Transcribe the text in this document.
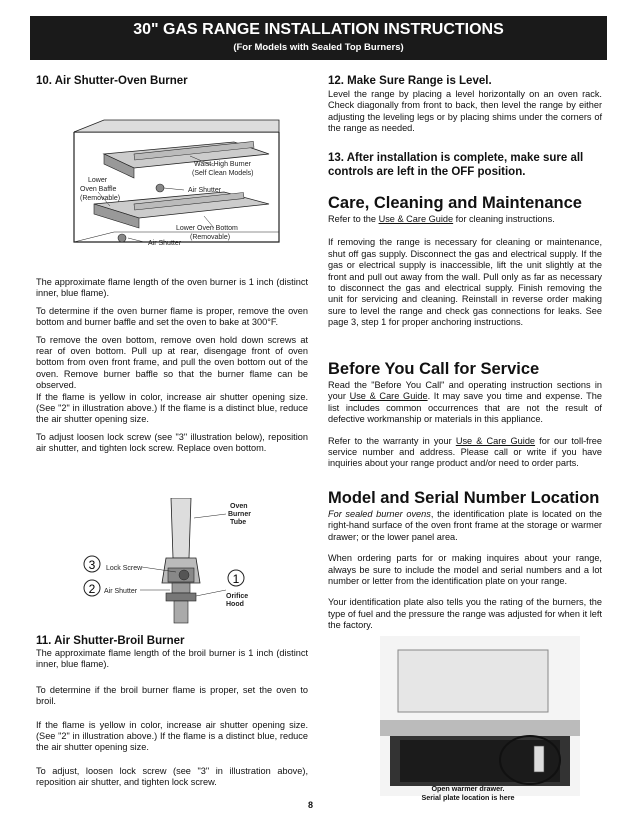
30" GAS RANGE INSTALLATION INSTRUCTIONS
(For Models with Sealed Top Burners)
10. Air Shutter-Oven Burner
Waist-High Burner (Self Clean Models)
Lower Oven Baffle (Removable)
Air Shutter
Lower Oven Bottom (Removable)
Air Shutter

The approximate flame length of the oven burner is 1 inch (distinct inner, blue flame).

To determine if the oven burner flame is proper, remove the oven bottom and burner baffle and set the oven to bake at 300°F.

To remove the oven bottom, remove oven hold down screws at rear of oven bottom. Pull up at rear, disengage front of oven bottom from oven front frame, and pull the oven bottom out of the oven. Remove burner baffle so that the burner flame can be observed.

If the flame is yellow in color, increase air shutter opening size. (See "2" in illustration above.) If the flame is a distinct blue, reduce the air shutter opening size.

To adjust loosen lock screw (see "3" illustration below), reposition air shutter, and tighten lock screw. Replace oven bottom.

3
2
1
Oven Burner Tube
Lock Screw
Air Shutter
Orifice Hood
11. Air Shutter-Broil Burner

The approximate flame length of the broil burner is 1 inch (distinct inner, blue flame).

To determine if the broil burner flame is proper, set the oven to broil.

If the flame is yellow in color, increase air shutter opening size. (See "2" in illustration above.) If the flame is a distinct blue, reduce the air shutter opening size.

To adjust, loosen lock screw (see "3" in illustration above), reposition air shutter, and tighten lock screw.

12. Make Sure Range is Level.

Level the range by placing a level horizontally on an oven rack. Check diagonally from front to back, then level the range by either adjusting the leveling legs or by placing shims under the corners of the range as needed.

13. After installation is complete, make sure all controls are left in the OFF position.
Care, Cleaning and Maintenance

Refer to the Use & Care Guide for cleaning instructions.

If removing the range is necessary for cleaning or maintenance, shut off gas supply. Disconnect the gas and electrical supply. If the gas or electrical supply is inaccessible, lift the unit slightly at the front and pull out away from the wall. Pull only as far as necessary to disconnect the gas and electrical supply. Finish removing the unit for servicing and cleaning. Reinstall in reverse order making sure to level the range and check gas connections for leaks. See page 3, step 1 for proper anchoring instructions.

Before You Call for Service

Read the "Before You Call" and operating instruction sections in your Use & Care Guide. It may save you time and expense. The list includes common occurrences that are not the result of defective workmanship or materials in this appliance.

Refer to the warranty in your Use & Care Guide for our toll-free service number and address. Please call or write if you have inquiries about your range product and/or need to order parts.

Model and Serial Number Location

For sealed burner ovens, the identification plate is located on the right-hand surface of the oven front frame at the storage or warmer drawer; or the lower panel area.

When ordering parts for or making inquires about your range, always be sure to include the model and serial numbers and a lot number or letter from the identification plate on your range.

Your identification plate also tells you the rating of the burners, the type of fuel and the pressure the range was adjusted for when it left the factory.

Open warmer drawer.
Serial plate location is here
8
